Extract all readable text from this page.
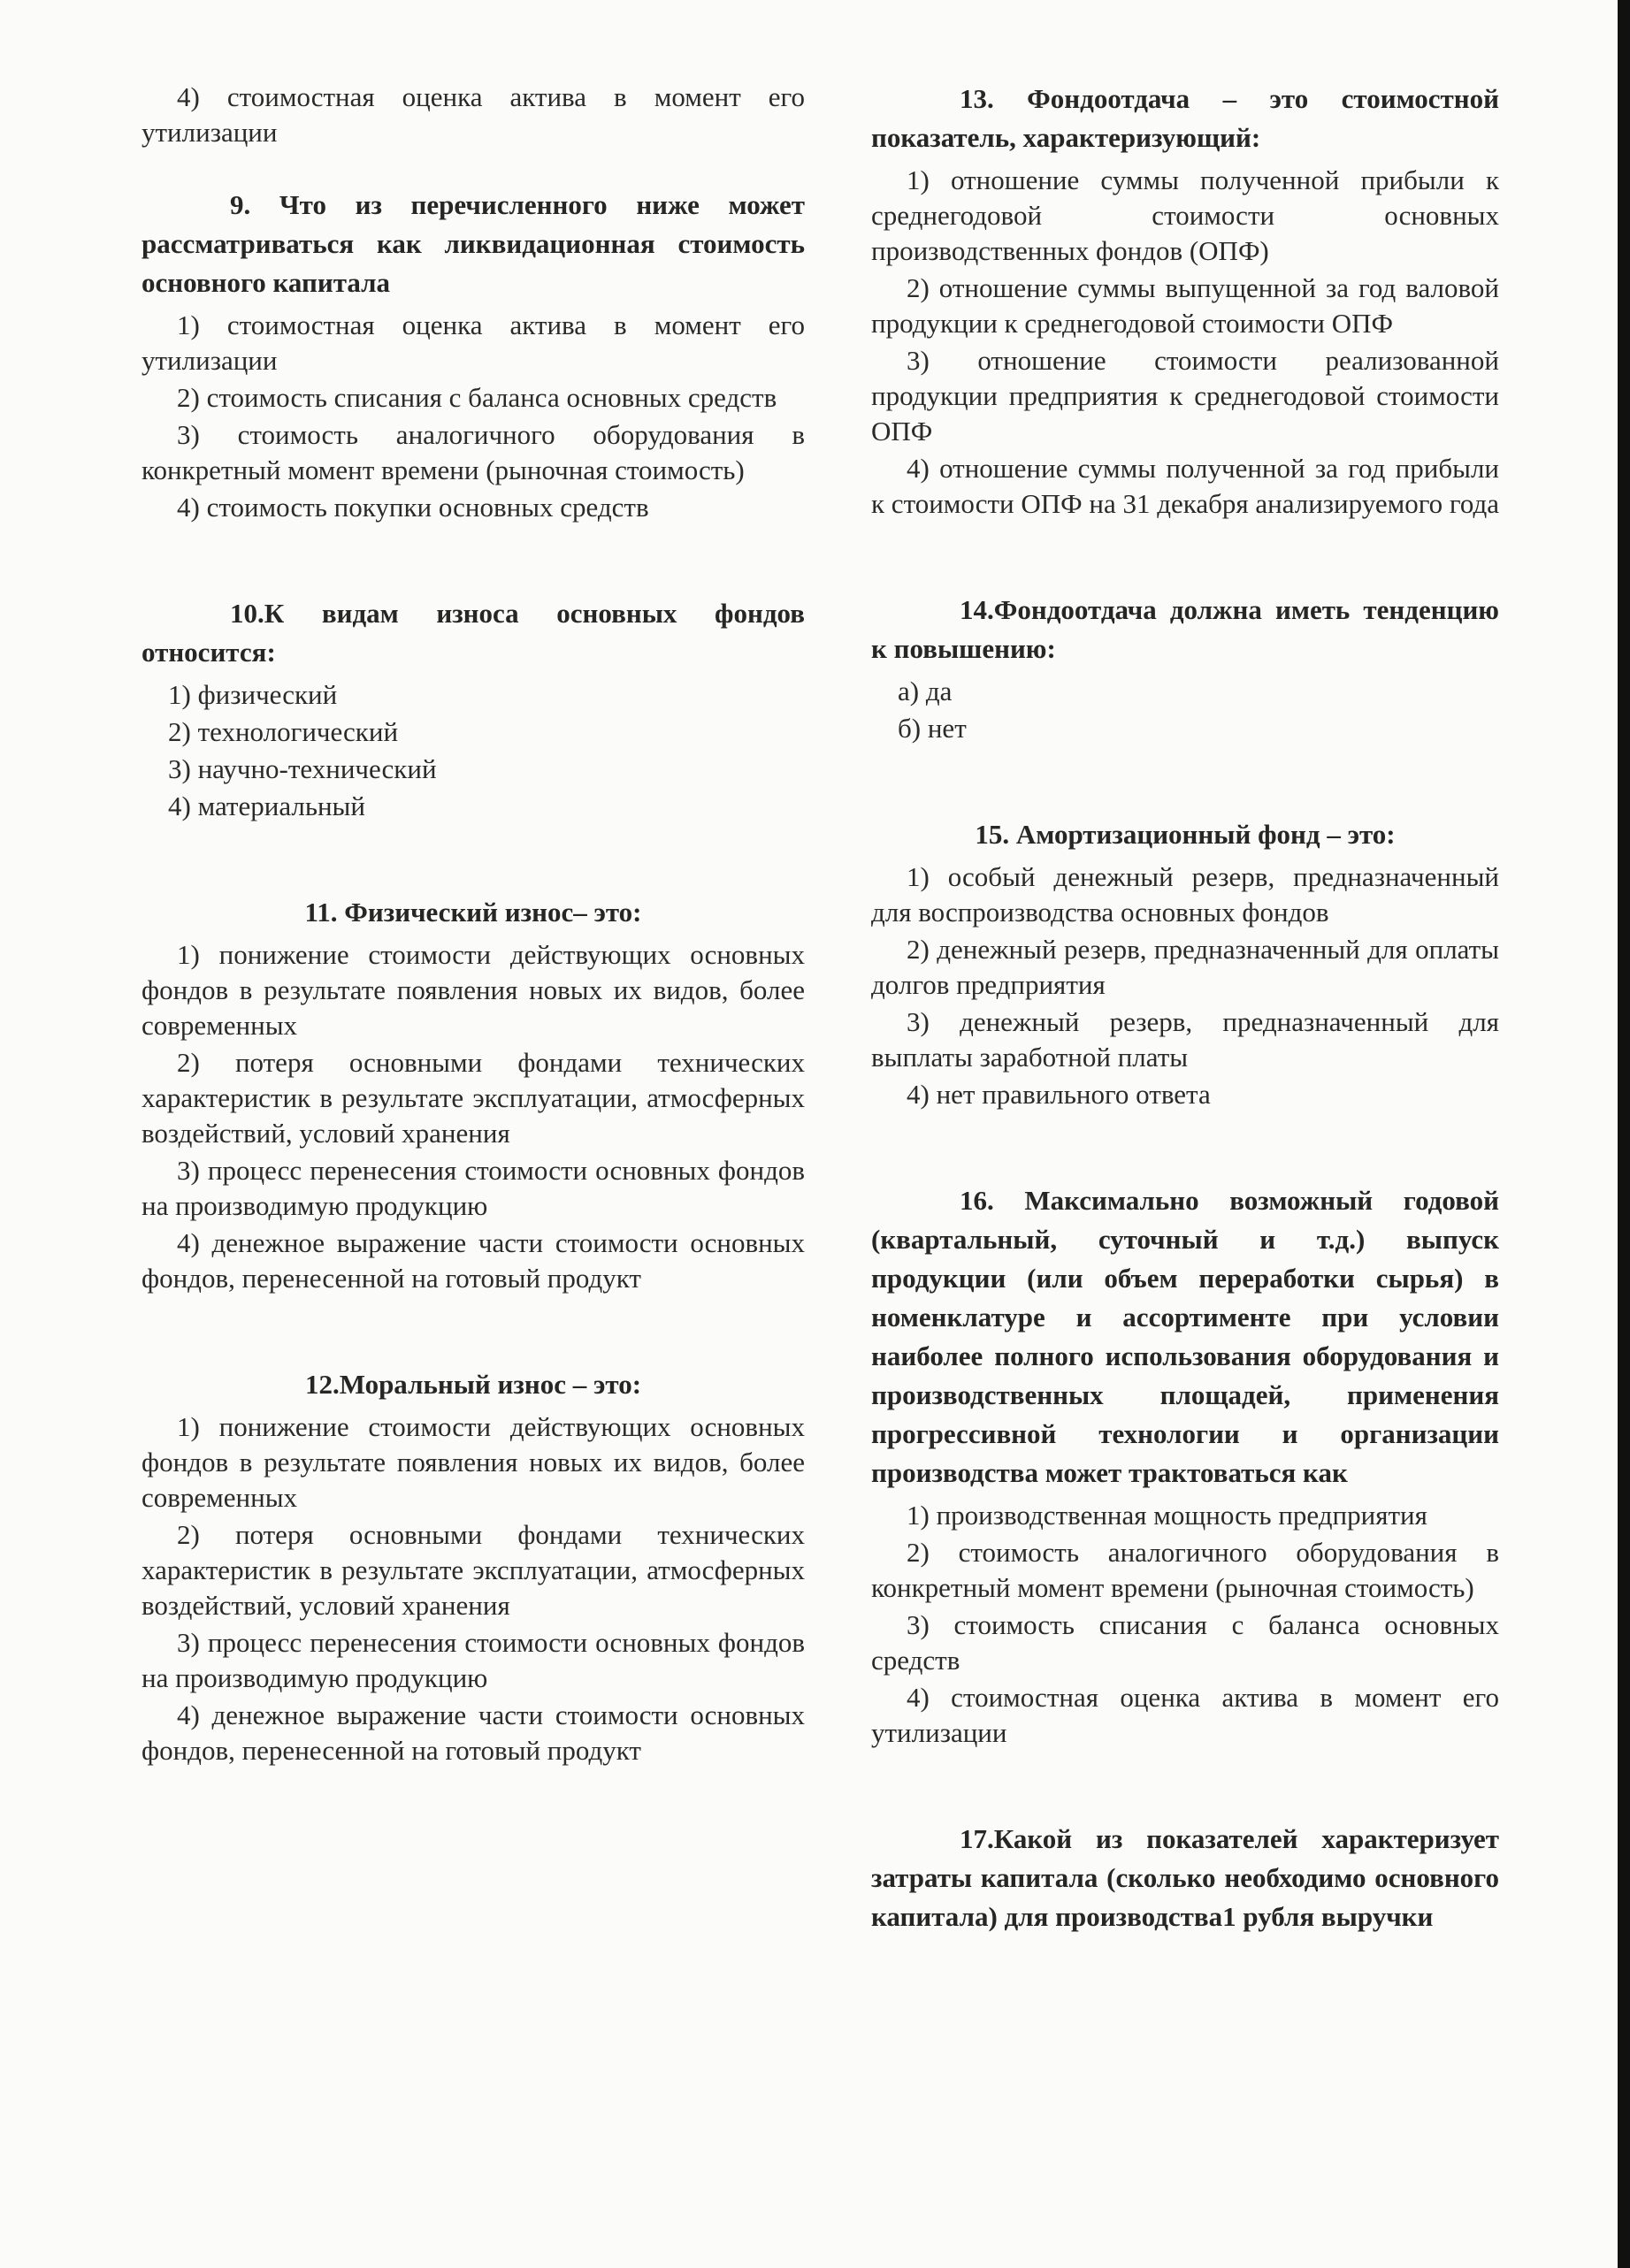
4) стоимостная оценка актива в момент его утилизации

9. Что из перечисленного ниже может рассматриваться как ликвидационная стоимость основного капитала

1) стоимостная оценка актива в момент его утилизации

2) стоимость списания с баланса основных средств

3) стоимость аналогичного оборудования в конкретный момент времени (рыночная стоимость)

4) стоимость покупки основных средств

10.К видам износа основных фондов относится:

1) физический

2) технологический

3) научно-технический

4) материальный

11. Физический износ– это:

1) понижение стоимости действующих основных фондов в результате появления новых их видов, более современных

2) потеря основными фондами технических характеристик в результате эксплуатации, атмосферных воздействий, условий хранения

3) процесс перенесения стоимости основных фондов на производимую продукцию

4) денежное выражение части стоимости основных фондов, перенесенной на готовый продукт

12.Моральный износ – это:

1) понижение стоимости действующих основных фондов в результате появления новых их видов, более современных

2) потеря основными фондами технических характеристик в результате эксплуатации, атмосферных воздействий, условий хранения

3) процесс перенесения стоимости основных фондов на производимую продукцию

4) денежное выражение части стоимости основных фондов, перенесенной на готовый продукт

13. Фондоотдача – это стоимостной показатель, характеризующий:

1) отношение суммы полученной прибыли к среднегодовой стоимости основных производственных фондов (ОПФ)

2) отношение суммы выпущенной за год валовой продукции к среднегодовой стоимости ОПФ

3) отношение стоимости реализованной продукции предприятия к среднегодовой стоимости ОПФ

4) отношение суммы полученной за год прибыли к стоимости ОПФ на 31 декабря анализируемого года

14.Фондоотдача должна иметь тенденцию к повышению:

а) да

б) нет

15. Амортизационный фонд – это:

1) особый денежный резерв, предназначенный для воспроизводства основных фондов

2) денежный резерв, предназначенный для оплаты долгов предприятия

3) денежный резерв, предназначенный для выплаты заработной платы

4) нет правильного ответа

16. Максимально возможный годовой (квартальный, суточный и т.д.) выпуск продукции (или объем переработки сырья) в номенклатуре и ассортименте при условии наиболее полного использования оборудования и производственных площадей, применения прогрессивной технологии и организации производства может трактоваться как

1) производственная мощность предприятия

2) стоимость аналогичного оборудования в конкретный момент времени (рыночная стоимость)

3) стоимость списания с баланса основных средств

4) стоимостная оценка актива в момент его утилизации

17.Какой из показателей характеризует затраты капитала (сколько необходимо основного капитала) для производства1 рубля выручки
